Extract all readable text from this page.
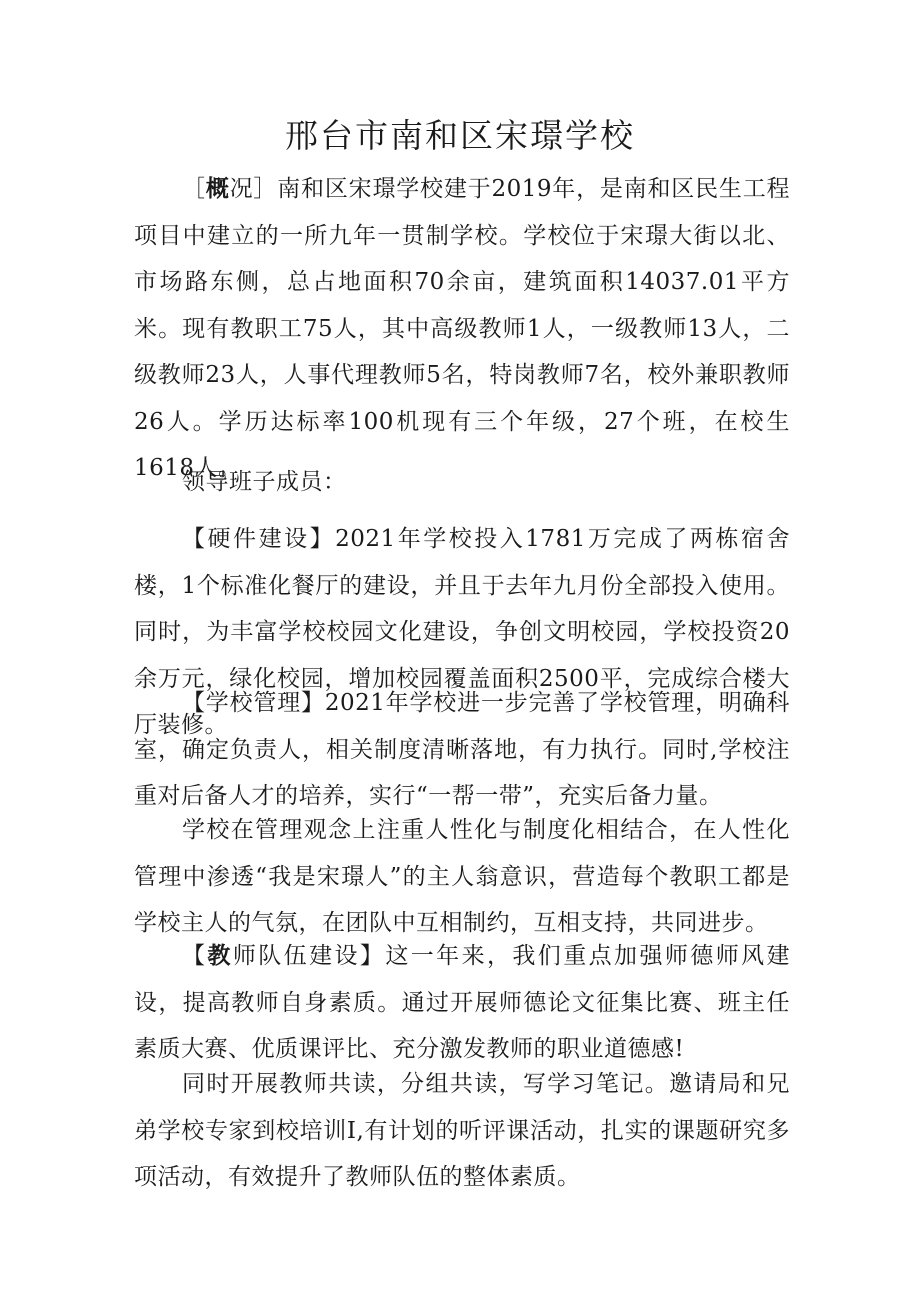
邢台市南和区宋璟学校

［概况］南和区宋璟学校建于2019年，是南和区民生工程项目中建立的一所九年一贯制学校。学校位于宋璟大街以北、市场路东侧，总占地面积70余亩，建筑面积14037.01平方米。现有教职工75人，其中高级教师1人，一级教师13人，二级教师23人，人事代理教师5名，特岗教师7名，校外兼职教师26人。学历达标率100机现有三个年级，27个班，在校生1618人。

领导班子成员：

【硬件建设】2021年学校投入1781万完成了两栋宿舍楼，1个标准化餐厅的建设，并且于去年九月份全部投入使用。同时，为丰富学校校园文化建设，争创文明校园，学校投资20余万元，绿化校园，增加校园覆盖面积2500平，完成综合楼大厅装修。

【学校管理】2021年学校进一步完善了学校管理，明确科室，确定负责人，相关制度清晰落地，有力执行。同时,学校注重对后备人才的培养，实行“一帮一带”，充实后备力量。

学校在管理观念上注重人性化与制度化相结合，在人性化管理中渗透“我是宋璟人”的主人翁意识，营造每个教职工都是学校主人的气氛，在团队中互相制约，互相支持，共同进步。

【教师队伍建设】这一年来，我们重点加强师德师风建设，提高教师自身素质。通过开展师德论文征集比赛、班主任素质大赛、优质课评比、充分激发教师的职业道德感!

同时开展教师共读，分组共读，写学习笔记。邀请局和兄弟学校专家到校培训I,有计划的听评课活动，扎实的课题研究多项活动，有效提升了教师队伍的整体素质。
